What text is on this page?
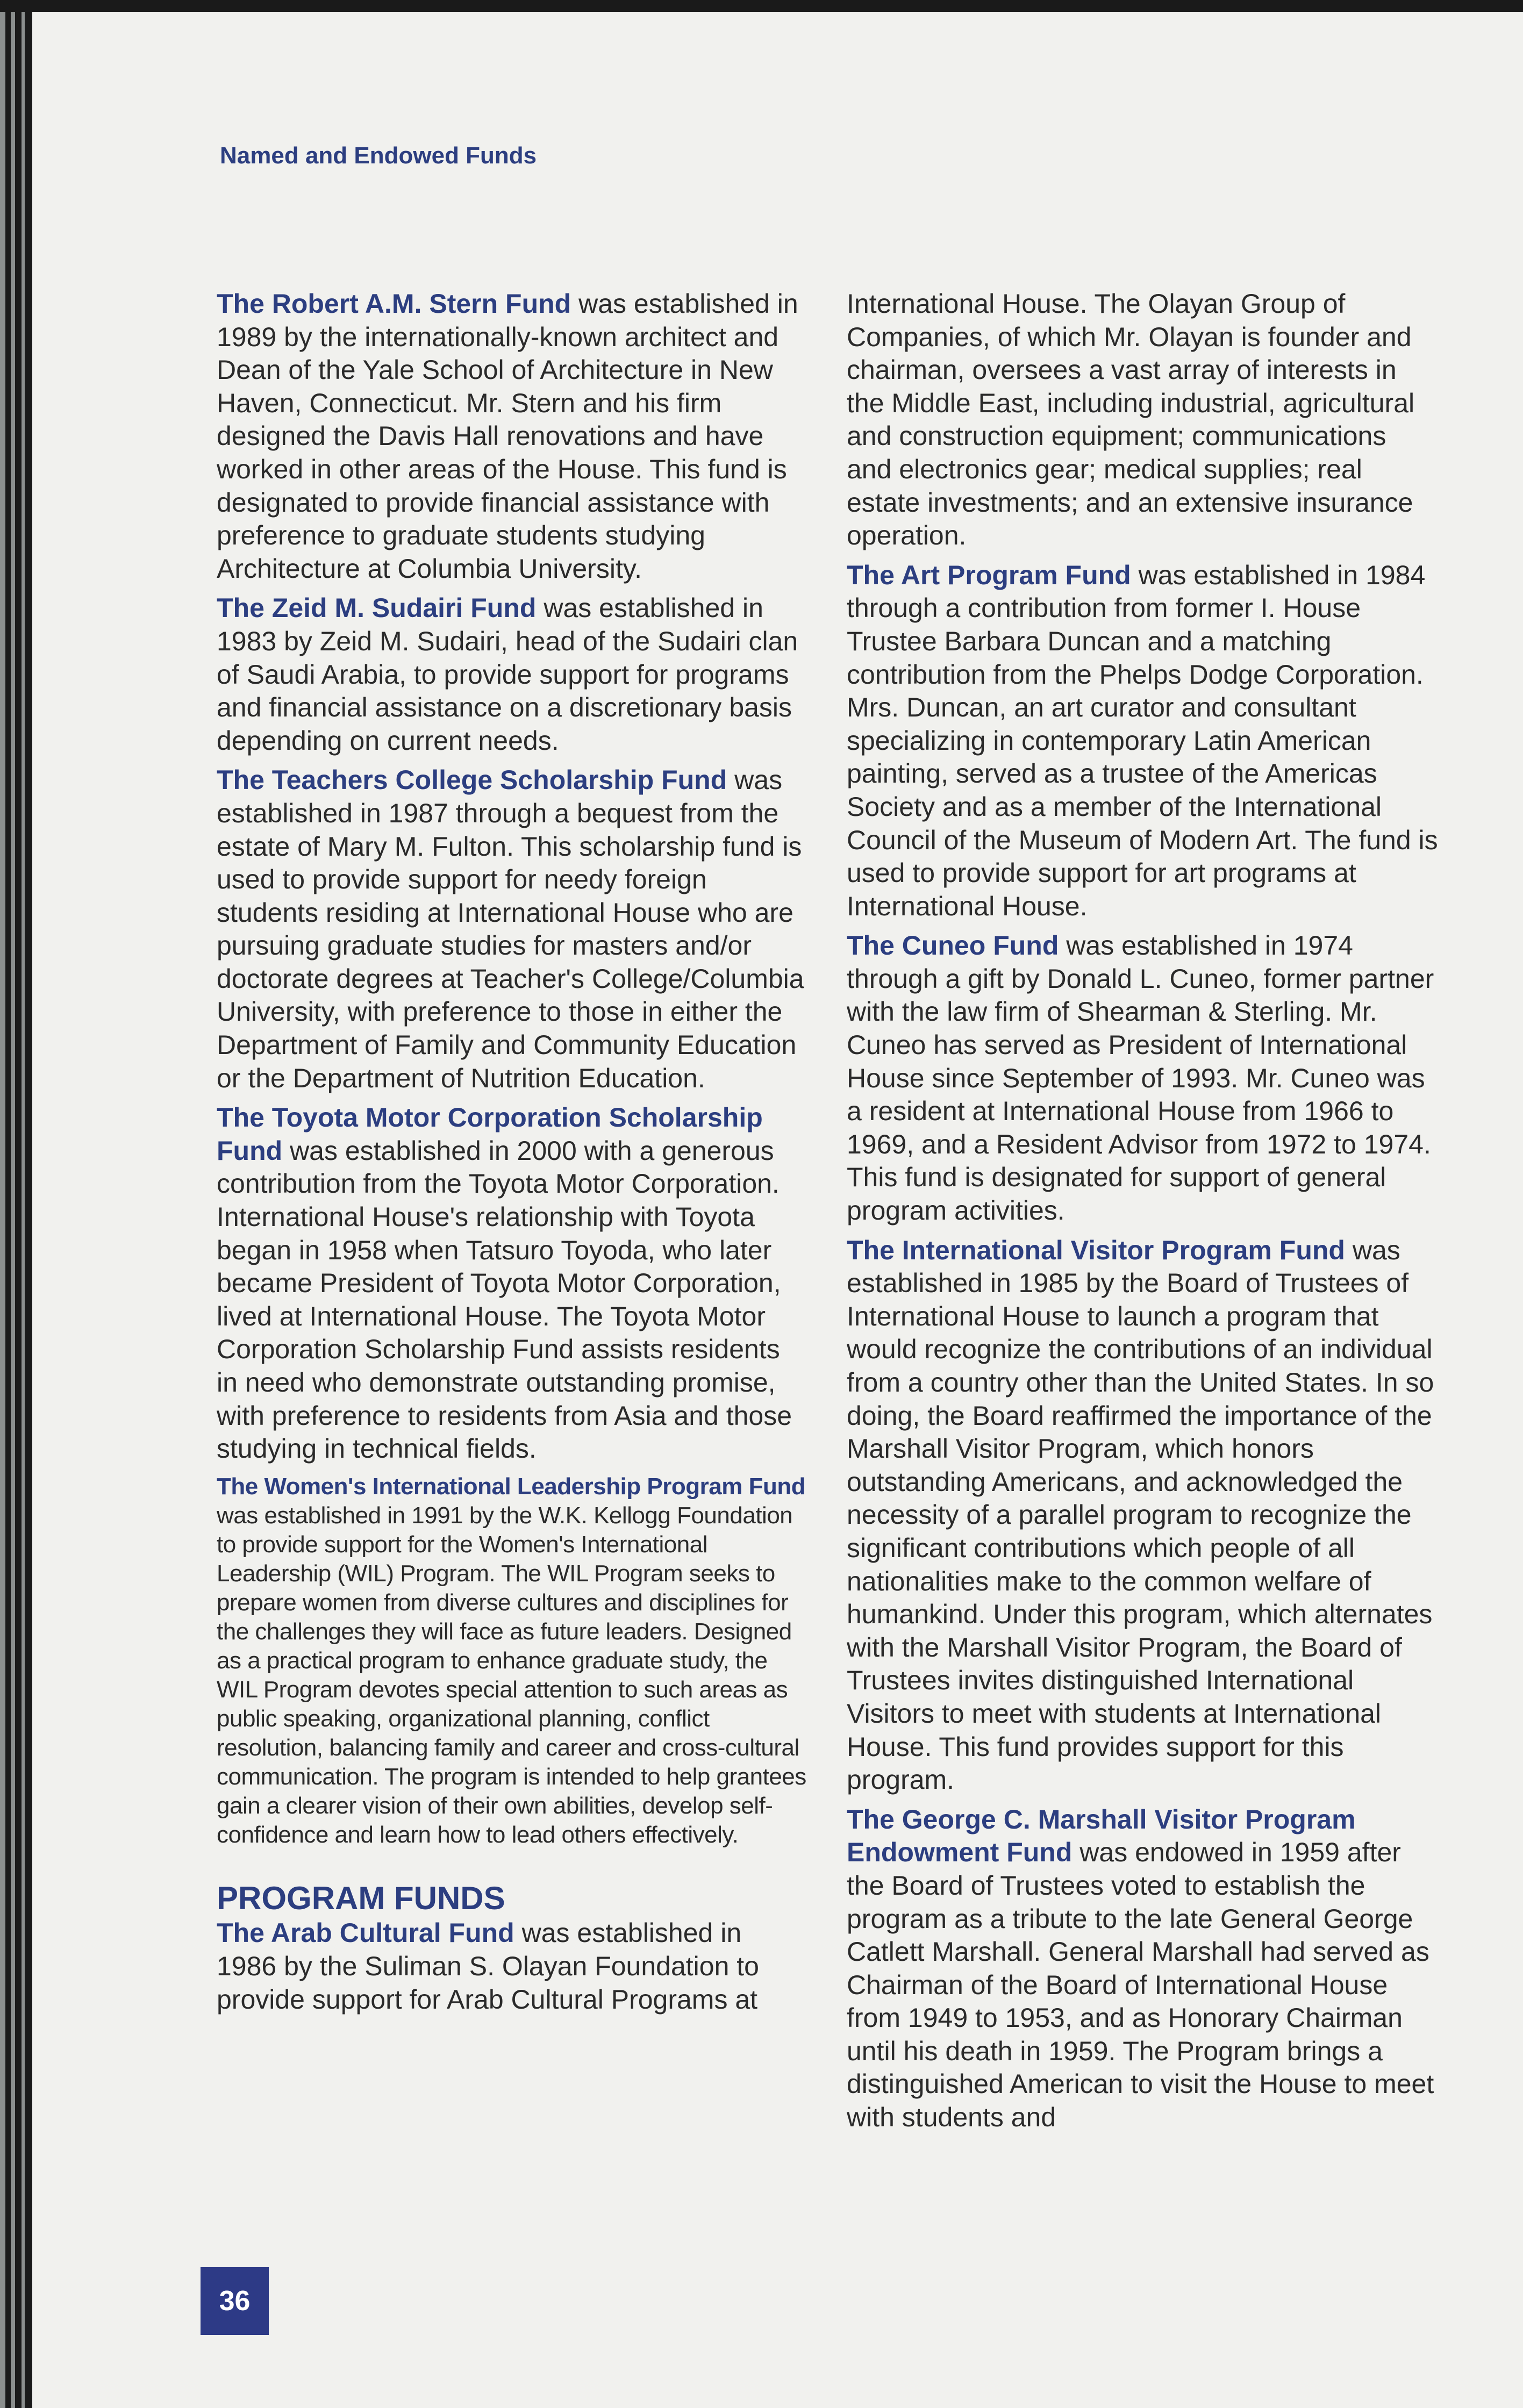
Named and Endowed Funds

The Robert A.M. Stern Fund was established in 1989 by the internationally-known architect and Dean of the Yale School of Architecture in New Haven, Connecticut. Mr. Stern and his firm designed the Davis Hall renovations and have worked in other areas of the House. This fund is designated to provide financial assistance with preference to graduate students studying Architecture at Columbia University.

The Zeid M. Sudairi Fund was established in 1983 by Zeid M. Sudairi, head of the Sudairi clan of Saudi Arabia, to provide support for programs and financial assistance on a discretionary basis depending on current needs.

The Teachers College Scholarship Fund was established in 1987 through a bequest from the estate of Mary M. Fulton. This scholarship fund is used to provide support for needy foreign students residing at International House who are pursuing graduate studies for masters and/or doctorate degrees at Teacher's College/Columbia University, with preference to those in either the Department of Family and Community Education or the Department of Nutrition Education.

The Toyota Motor Corporation Scholarship Fund was established in 2000 with a generous contribution from the Toyota Motor Corporation. International House's relationship with Toyota began in 1958 when Tatsuro Toyoda, who later became President of Toyota Motor Corporation, lived at International House. The Toyota Motor Corporation Scholarship Fund assists residents in need who demonstrate outstanding promise, with preference to residents from Asia and those studying in technical fields.

The Women's International Leadership Program Fund was established in 1991 by the W.K. Kellogg Foundation to provide support for the Women's International Leadership (WIL) Program. The WIL Program seeks to prepare women from diverse cultures and disciplines for the challenges they will face as future leaders. Designed as a practical program to enhance graduate study, the WIL Program devotes special attention to such areas as public speaking, organizational planning, conflict resolution, balancing family and career and cross-cultural communication. The program is intended to help grantees gain a clearer vision of their own abilities, develop self-confidence and learn how to lead others effectively.

PROGRAM FUNDS

The Arab Cultural Fund was established in 1986 by the Suliman S. Olayan Foundation to provide support for Arab Cultural Programs at

International House. The Olayan Group of Companies, of which Mr. Olayan is founder and chairman, oversees a vast array of interests in the Middle East, including industrial, agricultural and construction equipment; communications and electronics gear; medical supplies; real estate investments; and an extensive insurance operation.

The Art Program Fund was established in 1984 through a contribution from former I. House Trustee Barbara Duncan and a matching contribution from the Phelps Dodge Corporation. Mrs. Duncan, an art curator and consultant specializing in contemporary Latin American painting, served as a trustee of the Americas Society and as a member of the International Council of the Museum of Modern Art. The fund is used to provide support for art programs at International House.

The Cuneo Fund was established in 1974 through a gift by Donald L. Cuneo, former partner with the law firm of Shearman & Sterling. Mr. Cuneo has served as President of International House since September of 1993. Mr. Cuneo was a resident at International House from 1966 to 1969, and a Resident Advisor from 1972 to 1974. This fund is designated for support of general program activities.

The International Visitor Program Fund was established in 1985 by the Board of Trustees of International House to launch a program that would recognize the contributions of an individual from a country other than the United States. In so doing, the Board reaffirmed the importance of the Marshall Visitor Program, which honors outstanding Americans, and acknowledged the necessity of a parallel program to recognize the significant contributions which people of all nationalities make to the common welfare of humankind. Under this program, which alternates with the Marshall Visitor Program, the Board of Trustees invites distinguished International Visitors to meet with students at International House. This fund provides support for this program.

The George C. Marshall Visitor Program Endowment Fund was endowed in 1959 after the Board of Trustees voted to establish the program as a tribute to the late General George Catlett Marshall. General Marshall had served as Chairman of the Board of International House from 1949 to 1953, and as Honorary Chairman until his death in 1959. The Program brings a distinguished American to visit the House to meet with students and

36
